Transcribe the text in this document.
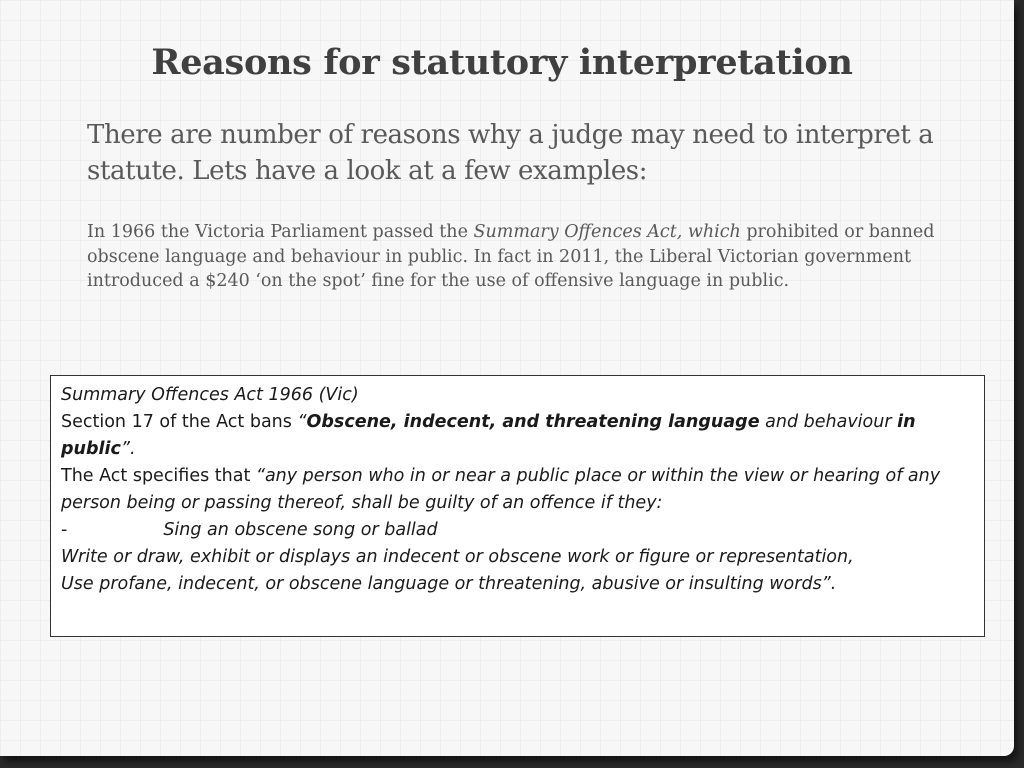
Reasons for statutory interpretation
There are number of reasons why a judge may need to interpret a statute. Lets have a look at a few examples:
In 1966 the Victoria Parliament passed the Summary Offences Act, which prohibited or banned obscene language and behaviour in public. In fact in 2011, the Liberal Victorian government introduced a $240 ‘on the spot’ fine for the use of offensive language in public.
Summary Offences Act 1966 (Vic)
Section 17 of the Act bans “Obscene, indecent, and threatening language and behaviour in public”.
The Act specifies that “any person who in or near a public place or within the view or hearing of any person being or passing thereof, shall be guilty of an offence if they:
-	Sing an obscene song or ballad
Write or draw, exhibit or displays an indecent or obscene work or figure or representation,
Use profane, indecent, or obscene language or threatening, abusive or insulting words”.
